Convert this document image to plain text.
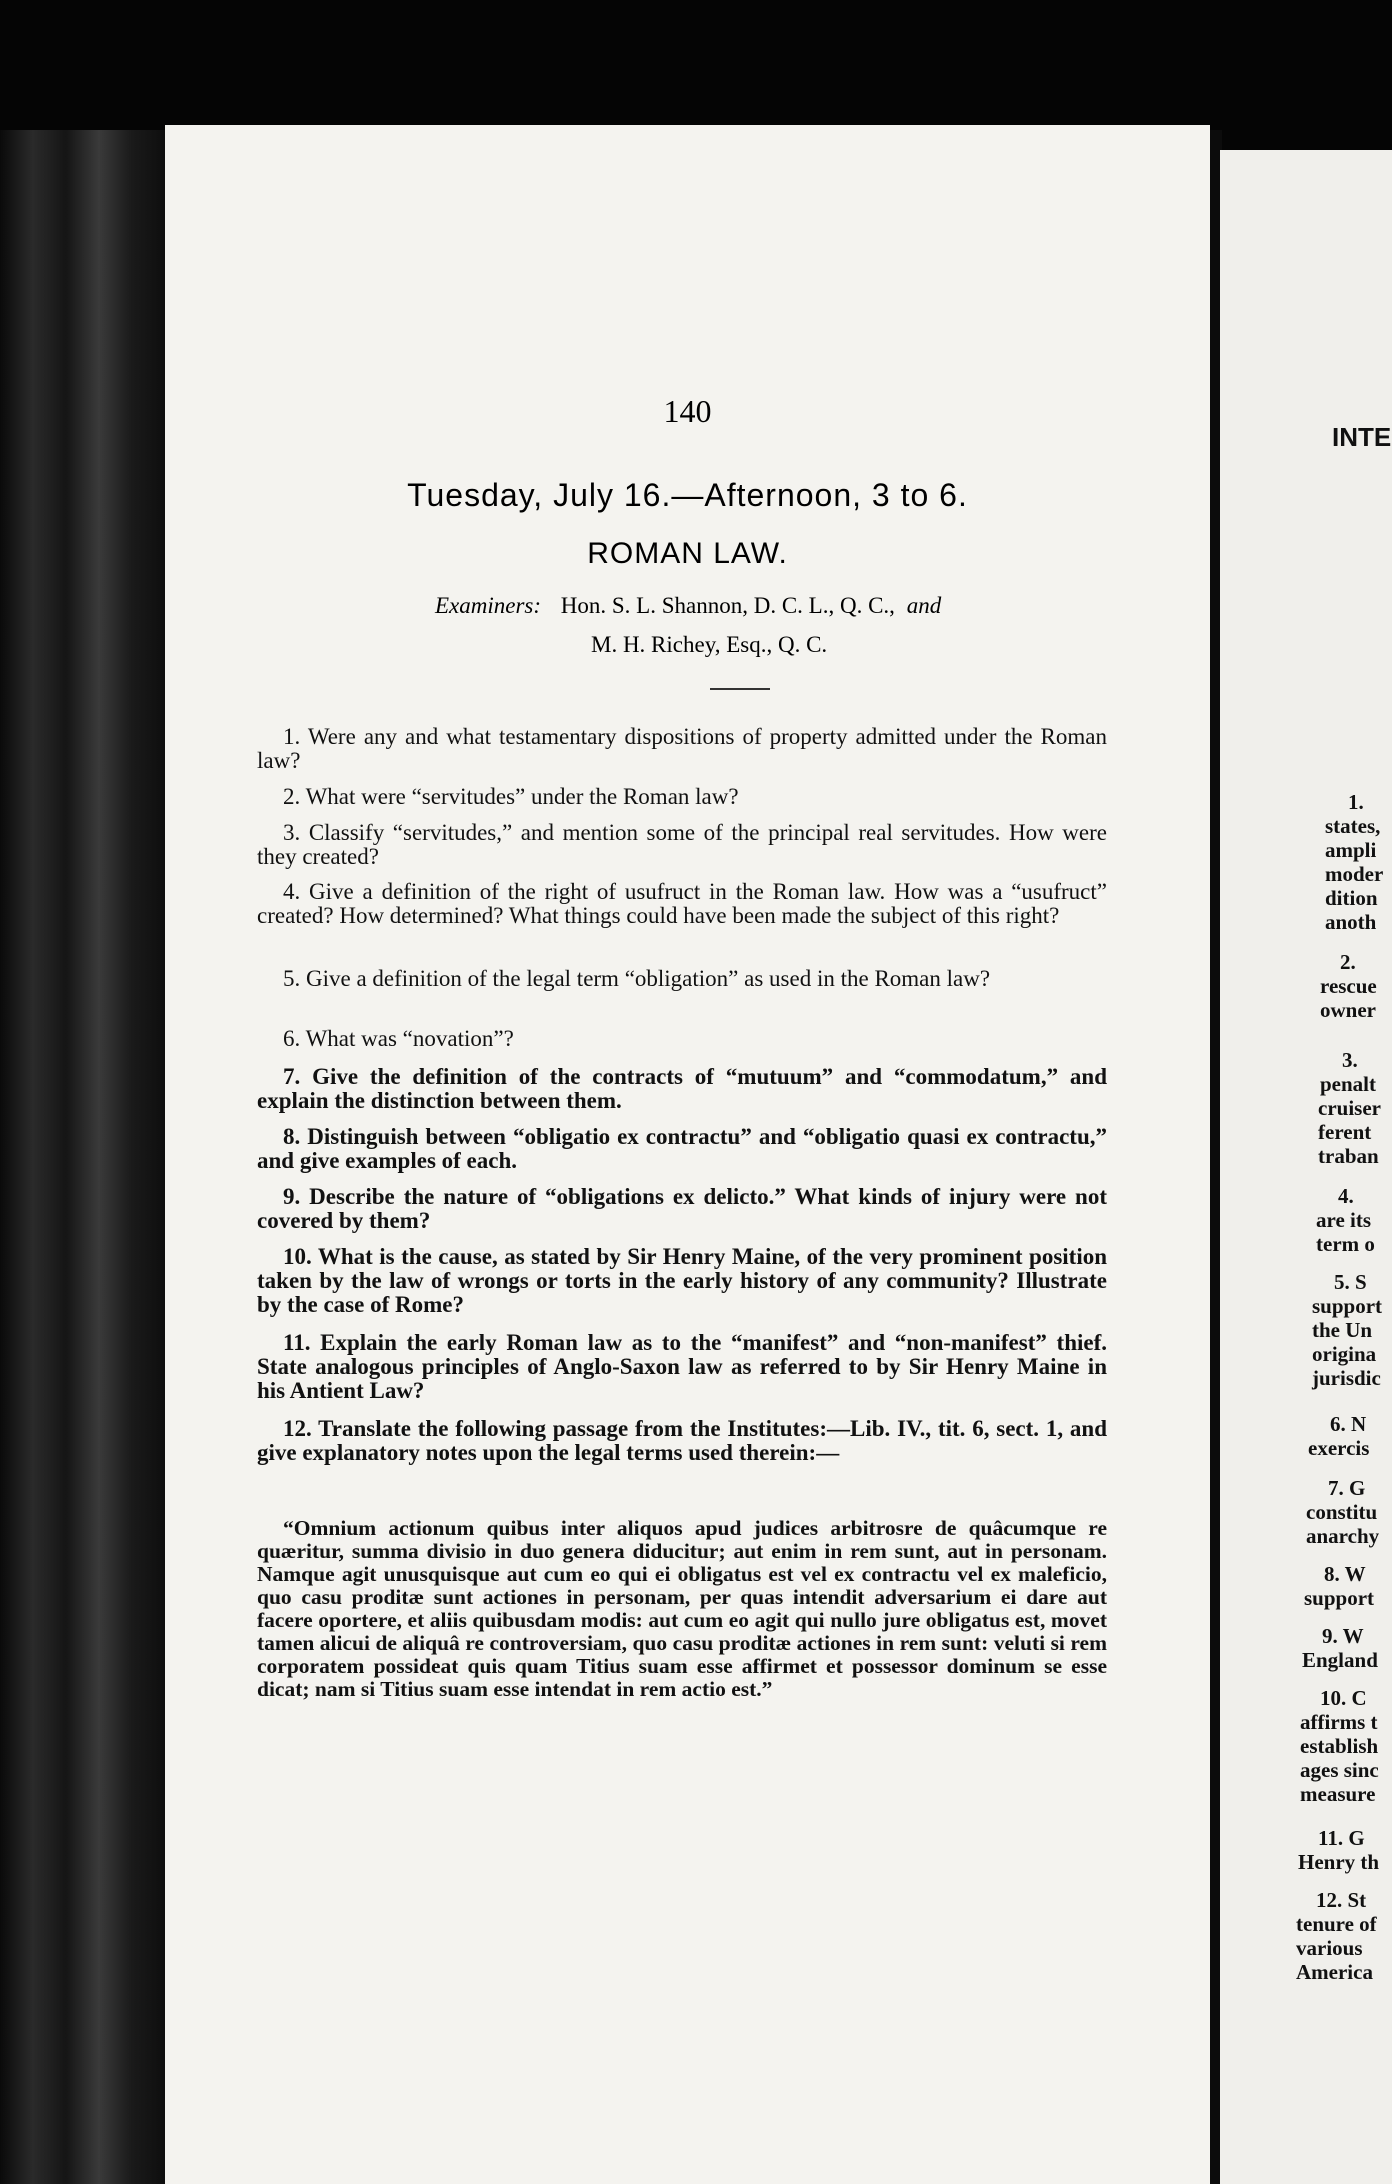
140
Tuesday, July 16.—Afternoon, 3 to 6.
ROMAN LAW.
Examiners: Hon. S. L. Shannon, D. C. L., Q. C., and
M. H. Richey, Esq., Q. C.
1. Were any and what testamentary dispositions of property admitted under the Roman law?
2. What were “servitudes” under the Roman law?
3. Classify “servitudes,” and mention some of the principal real servitudes. How were they created?
4. Give a definition of the right of usufruct in the Roman law. How was a “usufruct” created? How determined? What things could have been made the subject of this right?
5. Give a definition of the legal term “obligation” as used in the Roman law?
6. What was “novation”?
7. Give the definition of the contracts of “mutuum” and “commodatum,” and explain the distinction between them.
8. Distinguish between “obligatio ex contractu” and “obligatio quasi ex contractu,” and give examples of each.
9. Describe the nature of “obligations ex delicto.” What kinds of injury were not covered by them?
10. What is the cause, as stated by Sir Henry Maine, of the very prominent position taken by the law of wrongs or torts in the early history of any community? Illustrate by the case of Rome?
11. Explain the early Roman law as to the “manifest” and “non-manifest” thief. State analogous principles of Anglo-Saxon law as referred to by Sir Henry Maine in his Antient Law?
12. Translate the following passage from the Institutes:—Lib. IV., tit. 6, sect. 1, and give explanatory notes upon the legal terms used therein:—
“Omnium actionum quibus inter aliquos apud judices arbitrosre de quâcumque re quæritur, summa divisio in duo genera diducitur; aut enim in rem sunt, aut in personam. Namque agit unusquisque aut cum eo qui ei obligatus est vel ex contractu vel ex maleficio, quo casu proditæ sunt actiones in personam, per quas intendit adversarium ei dare aut facere oportere, et aliis quibusdam modis: aut cum eo agit qui nullo jure obligatus est, movet tamen alicui de aliquâ re controversiam, quo casu proditæ actiones in rem sunt: veluti si rem corporatem possideat quis quam Titius suam esse affirmet et possessor dominum se esse dicat; nam si Titius suam esse intendat in rem actio est.”
INTE
1.
states,
ampli
moder
dition
anoth
2.
rescue
owner
3.
penalt
cruiser
ferent
traban
4.
are its
term o
5. S
support
the Un
origina
jurisdic
6. N
exercis
7. G
constitu
anarchy
8. W
support
9. W
England
10. C
affirms t
establish
ages sinc
measure
11. G
Henry th
12. St
tenure of
various
America
